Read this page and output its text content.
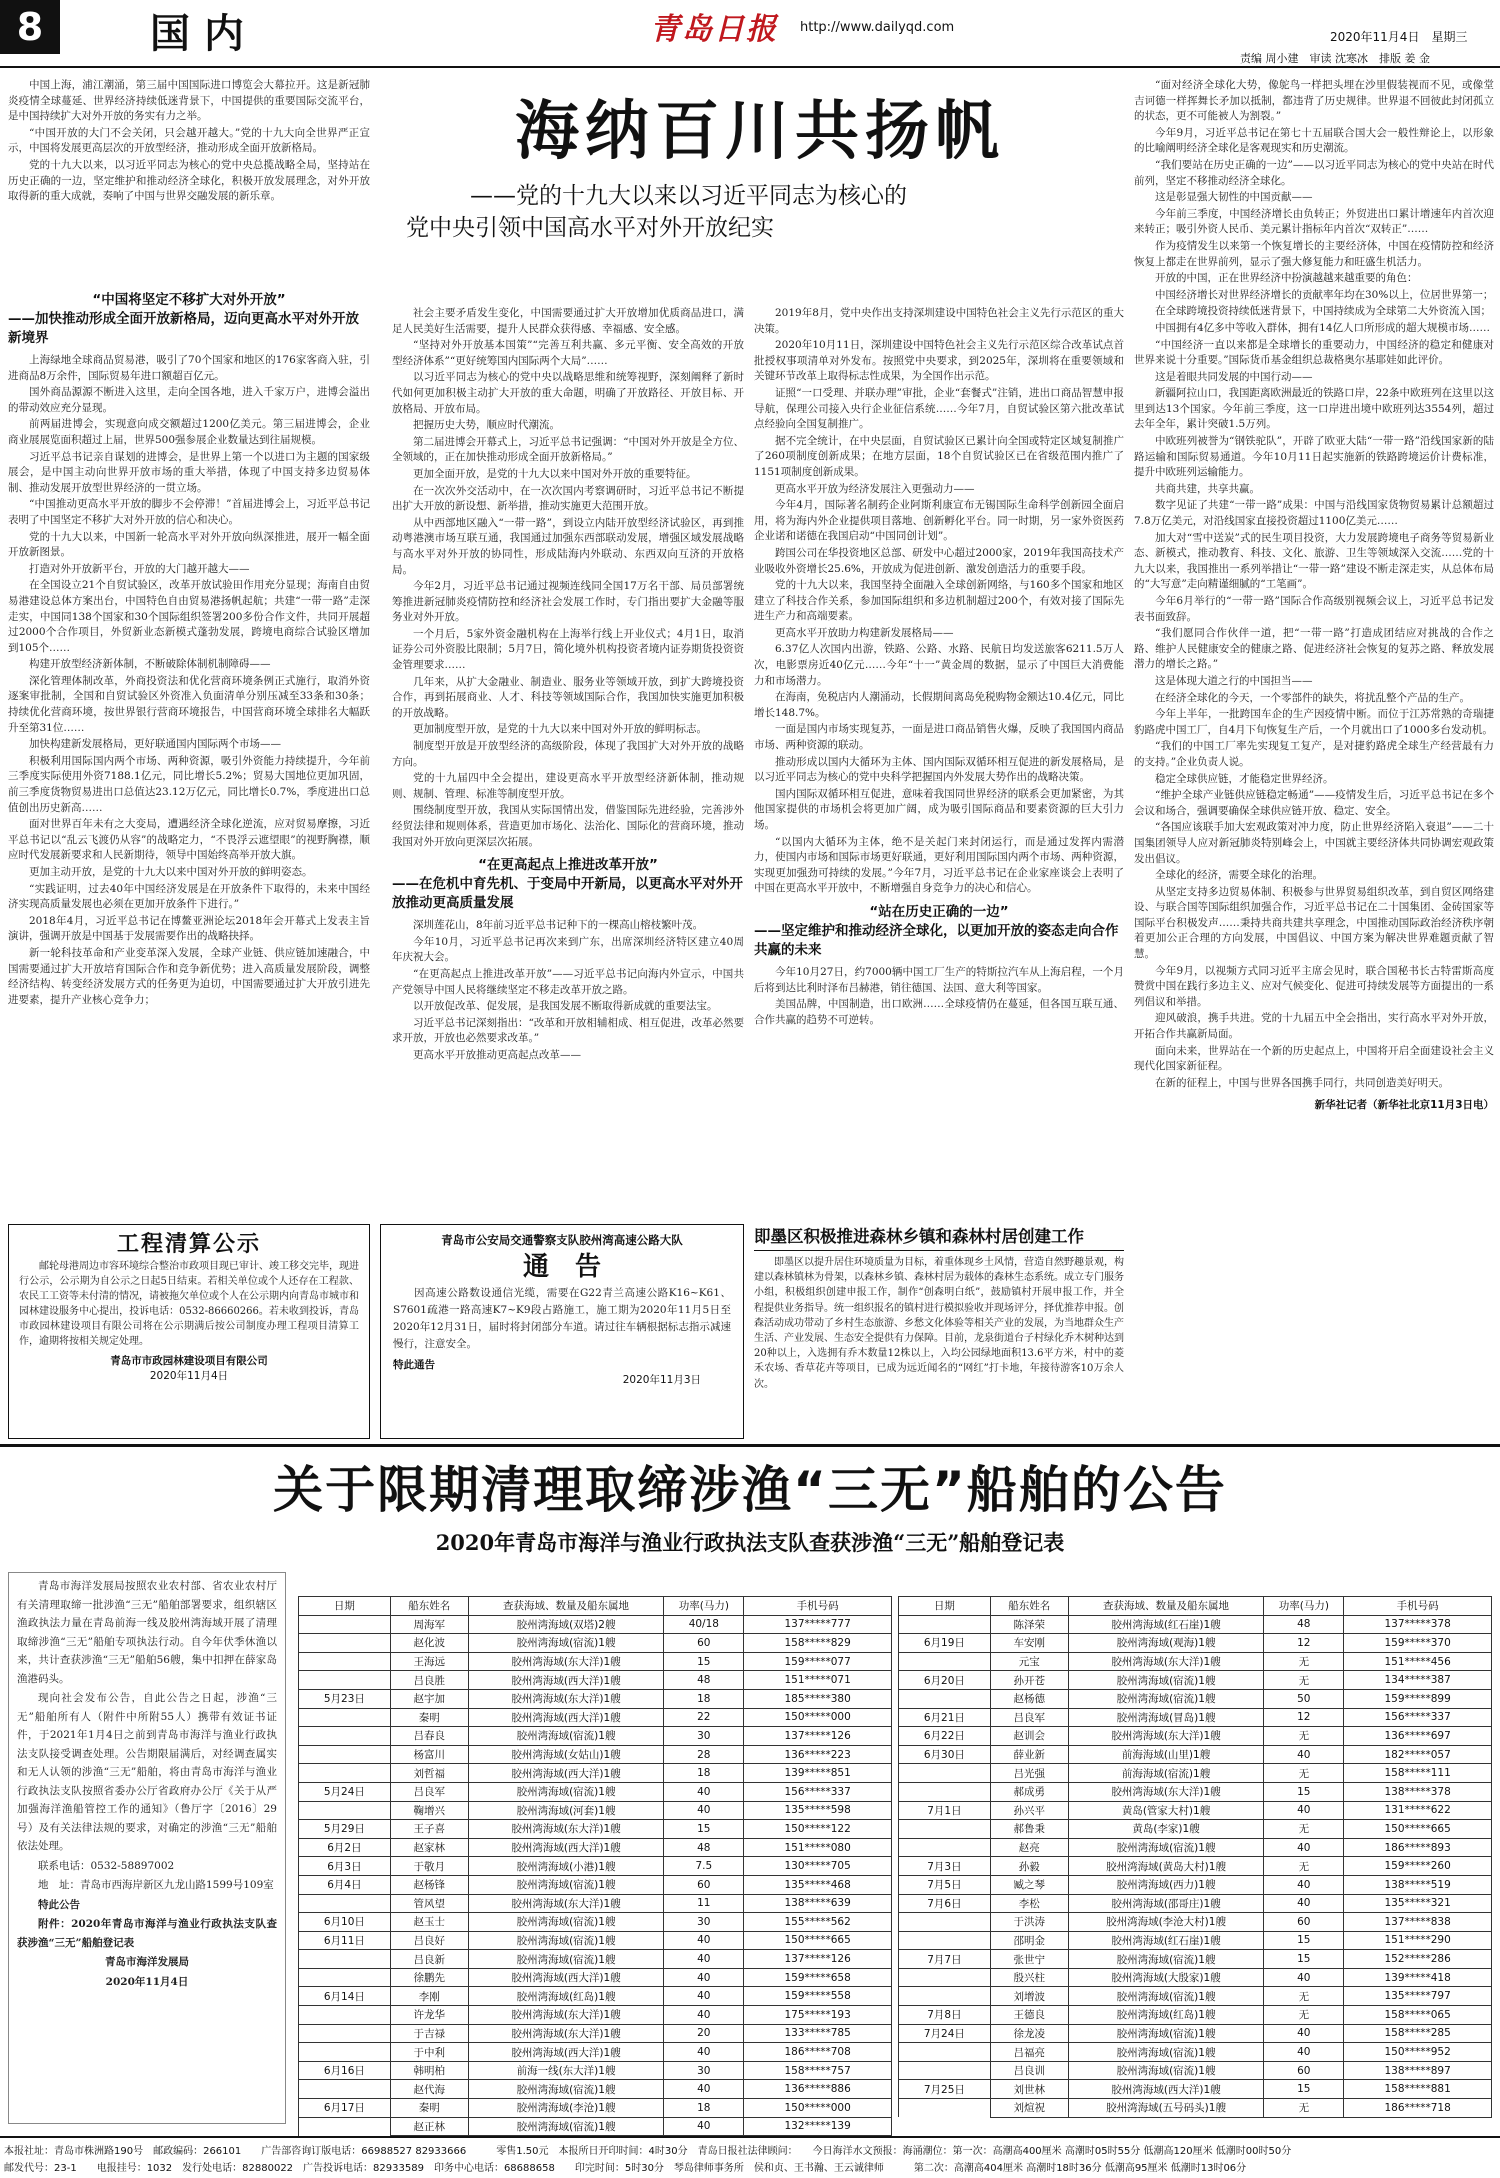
8	国内	青岛日报 http://www.dailyqd.com
2020年11月4日　星期三
责编 周小建　审读 沈寒冰　排版 姜 金

中国上海，浦江潮涌，第三届中国国际进口博览会大幕拉开。这是新冠肺炎疫情全球蔓延、世界经济持续低迷背景下，中国提供的重要国际交流平台，是中国持续扩大对外开放的务实有力之举。

“中国开放的大门不会关闭，只会越开越大。”党的十九大向全世界严正宣示，中国将发展更高层次的开放型经济，推动形成全面开放新格局。

党的十九大以来，以习近平同志为核心的党中央总揽战略全局，坚持站在历史正确的一边，坚定维护和推动经济全球化，积极开放发展理念，对外开放取得新的重大成就，奏响了中国与世界交融发展的新乐章。

海纳百川共扬帆
——党的十九大以来以习近平同志为核心的
党中央引领中国高水平对外开放纪实
“中国将坚定不移扩大对外开放”
——加快推动形成全面开放新格局，迈向更高水平对外开放新境界

上海绿地全球商品贸易港，吸引了70个国家和地区的176家客商入驻，引进商品8万余件，国际贸易年进口额超百亿元。

国外商品源源不断进入这里，走向全国各地，进入千家万户，进博会溢出的带动效应充分显现。

前两届进博会，实现意向成交额超过1200亿美元。第三届进博会，企业商业展展览面积超过上届，世界500强参展企业数量达到往届规模。

习近平总书记亲自谋划的进博会，是世界上第一个以进口为主题的国家级展会，是中国主动向世界开放市场的重大举措，体现了中国支持多边贸易体制、推动发展开放型世界经济的一贯立场。

“中国推动更高水平开放的脚步不会停滞！”首届进博会上，习近平总书记表明了中国坚定不移扩大对外开放的信心和决心。

党的十九大以来，中国新一轮高水平对外开放向纵深推进，展开一幅全面开放新图景。

打造对外开放新平台，开放的大门越开越大——

在全国设立21个自贸试验区，改革开放试验田作用充分显现；海南自由贸易港建设总体方案出台，中国特色自由贸易港扬帆起航；共建“一带一路”走深走实，中国同138个国家和30个国际组织签署200多份合作文件，共同开展超过2000个合作项目，外贸新业态新模式蓬勃发展，跨境电商综合试验区增加到105个……

构建开放型经济新体制，不断破除体制机制障碍——

深化管理体制改革，外商投资法和优化营商环境条例正式施行，取消外资逐案审批制，全国和自贸试验区外资准入负面清单分别压减至33条和30条；持续优化营商环境，按世界银行营商环境报告，中国营商环境全球排名大幅跃升至第31位……

加快构建新发展格局，更好联通国内国际两个市场——

积极利用国际国内两个市场、两种资源，吸引外资能力持续提升，今年前三季度实际使用外资7188.1亿元，同比增长5.2%；贸易大国地位更加巩固，前三季度货物贸易进出口总值达23.12万亿元，同比增长0.7%，季度进出口总值创出历史新高……

面对世界百年未有之大变局，遭遇经济全球化逆流，应对贸易摩擦，习近平总书记以“乱云飞渡仍从容”的战略定力，“不畏浮云遮望眼”的视野胸襟，顺应时代发展新要求和人民新期待，领导中国始终高举开放大旗。

更加主动开放，是党的十九大以来中国对外开放的鲜明姿态。

“实践证明，过去40年中国经济发展是在开放条件下取得的，未来中国经济实现高质量发展也必须在更加开放条件下进行。”

2018年4月，习近平总书记在博鳌亚洲论坛2018年会开幕式上发表主旨演讲，强调开放是中国基于发展需要作出的战略抉择。

新一轮科技革命和产业变革深入发展，全球产业链、供应链加速融合，中国需要通过扩大开放培育国际合作和竞争新优势；进入高质量发展阶段，调整经济结构、转变经济发展方式的任务更为迫切，中国需要通过扩大开放引进先进要素，提升产业核心竞争力；

社会主要矛盾发生变化，中国需要通过扩大开放增加优质商品进口，满足人民美好生活需要，提升人民群众获得感、幸福感、安全感。

“坚持对外开放基本国策”“完善互利共赢、多元平衡、安全高效的开放型经济体系”“更好统筹国内国际两个大局”……

以习近平同志为核心的党中央以战略思维和统筹视野，深刻阐释了新时代如何更加积极主动扩大开放的重大命题，明确了开放路径、开放目标、开放格局、开放布局。

把握历史大势，顺应时代潮流。

第二届进博会开幕式上，习近平总书记强调：“中国对外开放是全方位、全领域的，正在加快推动形成全面开放新格局。”

更加全面开放，是党的十九大以来中国对外开放的重要特征。

在一次次外交活动中，在一次次国内考察调研时，习近平总书记不断提出扩大开放的新设想、新举措，推动实施更大范围开放。

从中西部地区融入“一带一路”，到设立内陆开放型经济试验区，再到推动粤港澳市场互联互通，我国通过加强东西部联动发展，增强区域发展战略与高水平对外开放的协同性，形成陆海内外联动、东西双向互济的开放格局。

今年2月，习近平总书记通过视频连线同全国17万名干部、局员部署统筹推进新冠肺炎疫情防控和经济社会发展工作时，专门指出要扩大金融等服务业对外开放。

一个月后，5家外资金融机构在上海举行线上开业仪式；4月1日，取消证券公司外资股比限制；5月7日，简化境外机构投资者境内证券期货投资资金管理要求……

几年来，从扩大金融业、制造业、服务业等领域开放，到扩大跨境投资合作，再到拓展商业、人才、科技等领域国际合作，我国加快实施更加积极的开放战略。

更加制度型开放，是党的十九大以来中国对外开放的鲜明标志。

制度型开放是开放型经济的高级阶段，体现了我国扩大对外开放的战略方向。

党的十九届四中全会提出，建设更高水平开放型经济新体制，推动规则、规制、管理、标准等制度型开放。

围绕制度型开放，我国从实际国情出发，借鉴国际先进经验，完善涉外经贸法律和规则体系，营造更加市场化、法治化、国际化的营商环境，推动我国对外开放向更深层次拓展。

“在更高起点上推进改革开放”
——在危机中育先机、于变局中开新局，以更高水平对外开放推动更高质量发展

深圳莲花山，8年前习近平总书记种下的一棵高山榕枝繁叶茂。

今年10月，习近平总书记再次来到广东，出席深圳经济特区建立40周年庆祝大会。

“在更高起点上推进改革开放”——习近平总书记向海内外宣示，中国共产党领导中国人民将继续坚定不移走改革开放之路。

以开放促改革、促发展，是我国发展不断取得新成就的重要法宝。

习近平总书记深刻指出：“改革和开放相辅相成、相互促进，改革必然要求开放，开放也必然要求改革。”

更高水平开放推动更高起点改革——

2019年8月，党中央作出支持深圳建设中国特色社会主义先行示范区的重大决策。

2020年10月11日，深圳建设中国特色社会主义先行示范区综合改革试点首批授权事项清单对外发布。按照党中央要求，到2025年，深圳将在重要领域和关键环节改革上取得标志性成果，为全国作出示范。

证照“一口受理、并联办理”审批，企业“套餐式”注销，进出口商品智慧申报导航，保理公司接入央行企业征信系统……今年7月，自贸试验区第六批改革试点经验向全国复制推广。

据不完全统计，在中央层面，自贸试验区已累计向全国或特定区域复制推广了260项制度创新成果；在地方层面，18个自贸试验区已在省级范围内推广了1151项制度创新成果。

更高水平开放为经济发展注入更强动力——

今年4月，国际著名制药企业阿斯利康宣布无锡国际生命科学创新园全面启用，将为海内外企业提供项目落地、创新孵化平台。同一时期，另一家外资医药企业诺和诺德在我国启动“中国同创计划”。

跨国公司在华投资地区总部、研发中心超过2000家，2019年我国高技术产业吸收外资增长25.6%，开放成为促进创新、激发创造活力的重要手段。

党的十九大以来，我国坚持全面融入全球创新网络，与160多个国家和地区建立了科技合作关系，参加国际组织和多边机制超过200个，有效对接了国际先进生产力和高端要素。

更高水平开放助力构建新发展格局——

6.37亿人次国内出游，铁路、公路、水路、民航日均发送旅客6211.5万人次，电影票房近40亿元……今年“十一”黄金周的数据，显示了中国巨大消费能力和市场潜力。

在海南，免税店内人潮涌动，长假期间离岛免税购物金额达10.4亿元，同比增长148.7%。

一面是国内市场实现复苏，一面是进口商品销售火爆，反映了我国国内商品市场、两种资源的联动。

推动形成以国内大循环为主体、国内国际双循环相互促进的新发展格局，是以习近平同志为核心的党中央科学把握国内外发展大势作出的战略决策。

国内国际双循环相互促进，意味着我国同世界经济的联系会更加紧密，为其他国家提供的市场机会将更加广阔，成为吸引国际商品和要素资源的巨大引力场。

“以国内大循环为主体，绝不是关起门来封闭运行，而是通过发挥内需潜力，使国内市场和国际市场更好联通，更好利用国际国内两个市场、两种资源，实现更加强劲可持续的发展。”今年7月，习近平总书记在企业家座谈会上表明了中国在更高水平开放中，不断增强自身竞争力的决心和信心。

“站在历史正确的一边”
——坚定维护和推动经济全球化，以更加开放的姿态走向合作共赢的未来

今年10月27日，约7000辆中国工厂生产的特斯拉汽车从上海启程，一个月后将到达比利时泽布吕赫港，销往德国、法国、意大利等国家。

美国品牌，中国制造，出口欧洲……全球疫情仍在蔓延，但各国互联互通、合作共赢的趋势不可逆转。

“面对经济全球化大势，像鸵鸟一样把头埋在沙里假装视而不见，或像堂吉诃德一样挥舞长矛加以抵制，都违背了历史规律。世界退不回彼此封闭孤立的状态，更不可能被人为割裂。”

今年9月，习近平总书记在第七十五届联合国大会一般性辩论上，以形象的比喻阐明经济全球化是客观现实和历史潮流。

“我们要站在历史正确的一边”——以习近平同志为核心的党中央站在时代前列，坚定不移推动经济全球化。

这是彰显强大韧性的中国贡献——

今年前三季度，中国经济增长由负转正；外贸进出口累计增速年内首次迎来转正；吸引外资人民币、美元累计指标年内首次“双转正”……

作为疫情发生以来第一个恢复增长的主要经济体，中国在疫情防控和经济恢复上都走在世界前列，显示了强大修复能力和旺盛生机活力。

开放的中国，正在世界经济中扮演越越来越重要的角色：

中国经济增长对世界经济增长的贡献率年均在30%以上，位居世界第一；

在全球跨境投资持续低迷背景下，中国持续成为全球第二大外资流入国；

中国拥有4亿多中等收入群体，拥有14亿人口所形成的超大规模市场……

“中国经济一直以来都是全球增长的重要动力，中国经济的稳定和健康对世界来说十分重要。”国际货币基金组织总裁格奥尔基耶娃如此评价。

这是着眼共同发展的中国行动——

新疆阿拉山口，我国距离欧洲最近的铁路口岸，22条中欧班列在这里以这里到达13个国家。今年前三季度，这一口岸进出境中欧班列达3554列，超过去年全年，累计突破1.5万列。

中欧班列被誉为“钢铁驼队”，开辟了欧亚大陆“一带一路”沿线国家新的陆路运输和国际贸易通道。今年10月11日起实施新的铁路跨境运价计费标准，提升中欧班列运输能力。

共商共建，共享共赢。

数字见证了共建“一带一路”成果：中国与沿线国家货物贸易累计总额超过7.8万亿美元，对沿线国家直接投资超过1100亿美元……

加大对“雪中送炭”式的民生项目投资，大力发展跨境电子商务等贸易新业态、新模式，推动教育、科技、文化、旅游、卫生等领域深入交流……党的十九大以来，我国推出一系列举措让“一带一路”建设不断走深走实，从总体布局的“大写意”走向精谨细腻的“工笔画”。

今年6月举行的“一带一路”国际合作高级别视频会议上，习近平总书记发表书面致辞。

“我们愿同合作伙伴一道，把“一带一路”打造成团结应对挑战的合作之路、维护人民健康安全的健康之路、促进经济社会恢复的复苏之路、释放发展潜力的增长之路。”

这是体现大道之行的中国担当——

在经济全球化的今天，一个零部件的缺失，将扰乱整个产品的生产。

今年上半年，一批跨国车企的生产因疫情中断。而位于江苏常熟的奇瑞捷豹路虎中国工厂，自4月下旬恢复生产后，一个月就出口了1000多台发动机。

“我们的中国工厂率先实现复工复产，是对捷豹路虎全球生产经营最有力的支持。”企业负责人说。

稳定全球供应链，才能稳定世界经济。

“维护全球产业链供应链稳定畅通”——疫情发生后，习近平总书记在多个会议和场合，强调要确保全球供应链开放、稳定、安全。

“各国应该联手加大宏观政策对冲力度，防止世界经济陷入衰退”——二十国集团领导人应对新冠肺炎特别峰会上，中国就主要经济体共同协调宏观政策发出倡议。

全球化的经济，需要全球化的治理。

从坚定支持多边贸易体制、积极参与世界贸易组织改革，到自贸区网络建设、与联合国等国际组织加强合作，习近平总书记在二十国集团、金砖国家等国际平台积极发声……秉持共商共建共享理念，中国推动国际政治经济秩序朝着更加公正合理的方向发展，中国倡议、中国方案为解决世界难题贡献了智慧。

今年9月，以视频方式同习近平主席会见时，联合国秘书长古特雷斯高度赞赏中国在践行多边主义、应对气候变化、促进可持续发展等方面提出的一系列倡议和举措。

迎风破浪，携手共进。党的十九届五中全会指出，实行高水平对外开放，开拓合作共赢新局面。

面向未来，世界站在一个新的历史起点上，中国将开启全面建设社会主义现代化国家新征程。

在新的征程上，中国与世界各国携手同行，共同创造美好明天。

新华社记者（新华社北京11月3日电）
工程清算公示

邮轮母港周边市容环境综合整治市政项目现已审计、竣工移交完毕，现进行公示，公示期为自公示之日起5日结束。若相关单位或个人还存在工程款、农民工工资等未付清的情况，请被拖欠单位或个人在公示期内向青岛市城市和园林建设服务中心提出，投诉电话：0532-86660266。若未收到投诉，青岛市政园林建设项目有限公司将在公示期满后按公司制度办理工程项目清算工作，逾期将按相关规定处理。

青岛市市政园林建设项目有限公司
2020年11月4日
青岛市公安局交通警察支队胶州湾高速公路大队
通　告

因高速公路数设通信光缆，需要在G22青兰高速公路K16~K61、S7601疏港一路高速K7~K9段占路施工，施工期为2020年11月5日至2020年12月31日，届时将封闭部分车道。请过往车辆根据标志指示减速慢行，注意安全。

特此通告
2020年11月3日
即墨区积极推进森林乡镇和森林村居创建工作

即墨区以提升居住环境质量为目标，着重体现乡土风情，营造自然野趣景观，构建以森林镇林为骨架，以森林乡镇、森林村居为载体的森林生态系统。成立专门服务小组，积极组织创建申报工作，制作“创森明白纸”，鼓励镇村开展申报工作，并全程提供业务指导。统一组织报名的镇村进行模拟验收并现场评分，择优推荐申报。创森活动成功带动了乡村生态旅游、乡愁文化体验等相关产业的发展，为当地群众生产生活、产业发展、生态安全提供有力保障。目前，龙泉街道台子村绿化乔木树种达到20种以上，入选拥有乔木数量12株以上，入均公园绿地面积13.6平方米，村中的菱禾农场、香草花卉等项目，已成为远近闻名的“网红”打卡地，年接待游客10万余人次。

关于限期清理取缔涉渔“三无”船舶的公告
2020年青岛市海洋与渔业行政执法支队查获涉渔“三无”船舶登记表

青岛市海洋发展局按照农业农村部、省农业农村厅有关清理取缔一批涉渔“三无”船舶部署要求，组织辖区渔政执法力量在青岛前海一线及胶州湾海域开展了清理取缔涉渔“三无”船舶专项执法行动。自今年伏季休渔以来，共计查获涉渔“三无”船舶56艘，集中扣押在薛家岛渔港码头。

现向社会发布公告，自此公告之日起，涉渔“三无”船舶所有人（附件中所附55人）携带有效证书证件，于2021年1月4日之前到青岛市海洋与渔业行政执法支队接受调查处理。公告期限届满后，对经调查属实和无人认领的涉渔“三无”船舶，将由青岛市海洋与渔业行政执法支队按照省委办公厅省政府办公厅《关于从严加强海洋渔船管控工作的通知》（鲁厅字〔2016〕29号）及有关法律法规的要求，对确定的涉渔“三无”船舶依法处理。

联系电话：0532-58897002

地　址：青岛市西海岸新区九龙山路1599号109室

特此公告

附件：2020年青岛市海洋与渔业行政执法支队查获涉渔“三无”船舶登记表

青岛市海洋发展局

2020年11月4日

日期	船东姓名	查获海域、数量及船东属地	功率(马力)	手机号码
	周海军	胶州湾海域(双塔)2艘	40/18	137*****777
	赵化波	胶州湾海域(宿流)1艘	60	158*****829
	王海远	胶州湾海域(东大洋)1艘	15	159*****077
	吕良胜	胶州湾海域(西大洋)1艘	48	151*****071
5月23日	赵宇加	胶州湾海域(东大洋)1艘	18	185*****380
	秦明	胶州湾海域(西大洋)1艘	22	150*****000
	吕春良	胶州湾海域(宿流)1艘	30	137*****126
	杨富川	胶州湾海域(女姑山)1艘	28	136*****223
	刘哲福	胶州湾海域(西大洋)1艘	18	139*****851
5月24日	吕良军	胶州湾海域(宿流)1艘	40	156*****337
	鞠增兴	胶州湾海域(河套)1艘	40	135*****598
5月29日	王子喜	胶州湾海域(东大洋)1艘	15	150*****122
6月2日	赵家林	胶州湾海域(西大洋)1艘	48	151*****080
6月3日	于敬月	胶州湾海域(小港)1艘	7.5	130*****705
6月4日	赵杨锋	胶州湾海域(宿流)1艘	60	135*****468
	管风望	胶州湾海域(东大洋)1艘	11	138*****639
6月10日	赵玉士	胶州湾海域(宿流)1艘	30	155*****562
6月11日	吕良好	胶州湾海域(宿流)1艘	40	150*****665
	吕良新	胶州湾海域(宿流)1艘	40	137*****126
	徐鹏先	胶州湾海域(西大洋)1艘	40	159*****658
6月14日	李刚	胶州湾海域(红岛)1艘	40	159*****558
	许龙华	胶州湾海域(东大洋)1艘	40	175*****193
	于吉禄	胶州湾海域(东大洋)1艘	20	133*****785
	于中利	胶州湾海域(西大洋)1艘	40	186*****708
6月16日	韩明柏	前海一线(东大洋)1艘	30	158*****757
	赵代海	胶州湾海域(宿流)1艘	40	136*****886
6月17日	秦明	胶州湾海域(李沧)1艘	18	150*****000
	赵正林	胶州湾海域(宿流)1艘	40	132*****139
日期	船东姓名	查获海域、数量及船东属地	功率(马力)	手机号码
	陈泽荣	胶州湾海域(红石崖)1艘	48	137*****378
6月19日	车安刚	胶州湾海域(观海)1艘	12	159*****370
	元宝	胶州湾海域(东大洋)1艘	无	151*****456
6月20日	孙开苍	胶州湾海域(宿流)1艘	无	134*****387
	赵杨德	胶州湾海域(宿流)1艘	50	159*****899
6月21日	吕良军	胶州湾海域(冒岛)1艘	12	156*****337
6月22日	赵训会	胶州湾海域(东大洋)1艘	无	136*****697
6月30日	薛业新	前海海域(山里)1艘	40	182*****057
	吕光强	前海海域(宿流)1艘	无	158*****111
	郝成勇	胶州湾海域(东大洋)1艘	15	138*****378
7月1日	孙兴平	黄岛(管家大村)1艘	40	131*****622
	郝鲁秉	黄岛(李家)1艘	无	150*****665
	赵亮	胶州湾海域(宿流)1艘	40	186*****893
7月3日	孙毅	胶州湾海域(黄岛大村)1艘	无	159*****260
7月5日	臧之琴	胶州湾海域(西力)1艘	40	138*****519
7月6日	李松	胶州湾海域(邵哥庄)1艘	40	135*****321
	于洪涛	胶州湾海域(李沧大村)1艘	60	137*****838
	邵明金	胶州湾海域(红石崖)1艘	15	151*****290
7月7日	张世宁	胶州湾海域(宿流)1艘	15	152*****286
	殷兴柱	胶州湾海域(大殷家)1艘	40	139*****418
	刘增波	胶州湾海域(宿流)1艘	无	135*****797
7月8日	王德良	胶州湾海域(红岛)1艘	无	158*****065
7月24日	徐龙凌	胶州湾海域(宿流)1艘	40	158*****285
	吕福亮	胶州湾海域(宿流)1艘	40	150*****952
	吕良训	胶州湾海域(宿流)1艘	60	138*****897
7月25日	刘世林	胶州湾海域(西大洋)1艘	15	158*****881
	刘煊祝	胶州湾海域(五号码头)1艘	无	186*****718
本报社址：青岛市株洲路190号　邮政编码：266101　　广告部咨询订版电话：66988527 82933666　　　零售1.50元　本报所日开印时间：4时30分　青岛日报社法律顾问：　　今日海洋水文预报：海涌潮位：第一次：高潮高400厘米 高潮时05时55分 低潮高120厘米 低潮时00时50分
邮发代号：23-1　　电报挂号：1032　发行处电话：82880022　广告投诉电话：82933589　印务中心电话：68688658　　印完时间：5时30分　琴岛律师事务所　侯和贞、王书瀚、王云诚律师　　　第二次：高潮高404厘米 高潮时18时36分 低潮高95厘米 低潮时13时06分
